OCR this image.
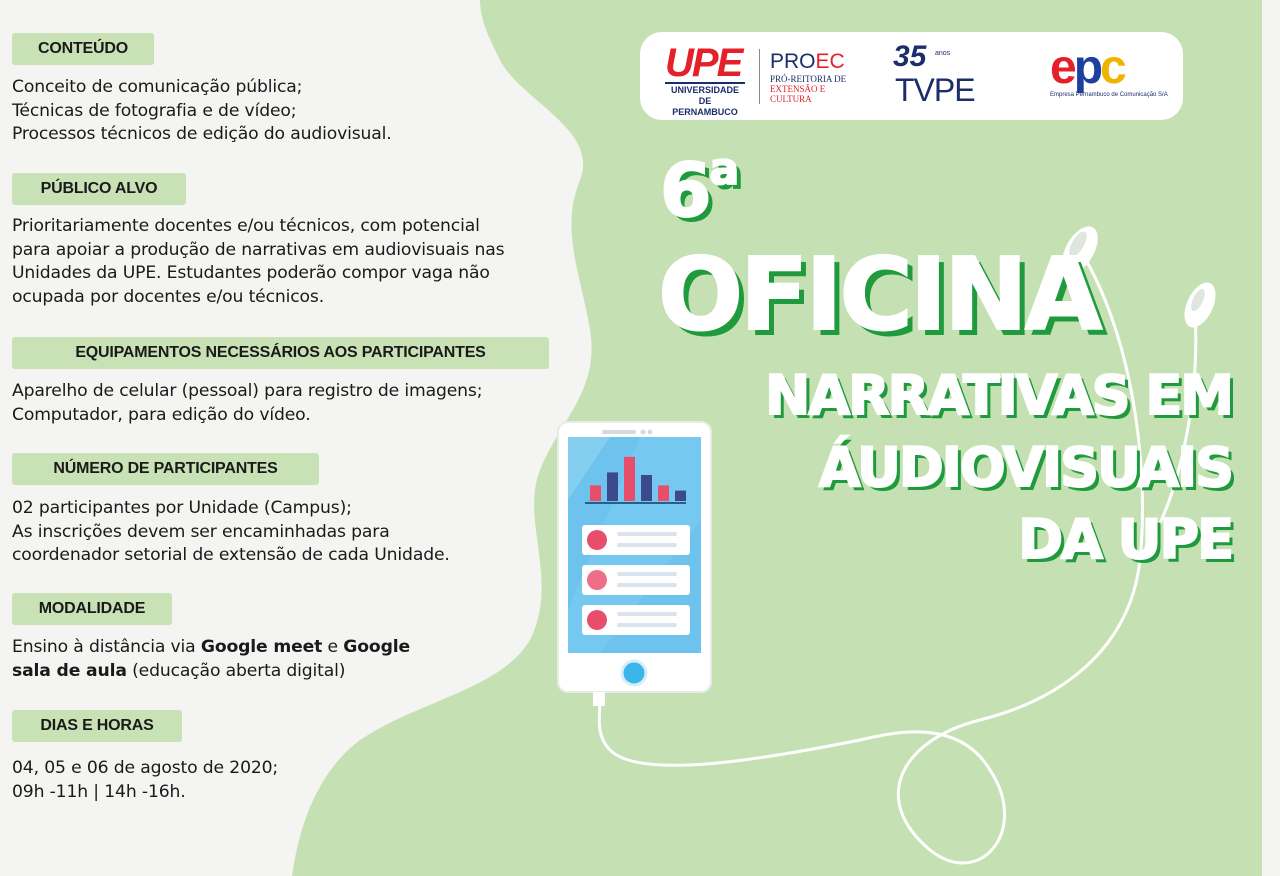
CONTEÚDO
Conceito de comunicação pública;
Técnicas de fotografia e de vídeo;
Processos técnicos de edição do audiovisual.
PÚBLICO ALVO
Prioritariamente docentes e/ou técnicos, com potencial
para apoiar a produção de narrativas em audiovisuais nas
Unidades da UPE. Estudantes poderão compor vaga não
ocupada por docentes e/ou técnicos.
EQUIPAMENTOS NECESSÁRIOS AOS PARTICIPANTES
Aparelho de celular (pessoal) para registro de imagens;
Computador, para edição do vídeo.
NÚMERO DE PARTICIPANTES
02 participantes por Unidade (Campus);
As inscrições devem ser encaminhadas para
coordenador setorial de extensão de cada Unidade.
MODALIDADE
Ensino à distância via Google meet e Google
sala de aula (educação aberta digital)
DIAS E HORAS
04, 05 e 06 de agosto de 2020;
09h -11h | 14h -16h.
UPE
UNIVERSIDADE
DE PERNAMBUCO
PROEC
PRÓ-REITORIA DE
EXTENSÃO E CULTURA
35 anos
TVPE epc
Empresa Pernambuco de Comunicação S/A
6$^a$
OFICINA
NARRATIVAS EM
ÁUDIOVISUAIS
DA UPE
